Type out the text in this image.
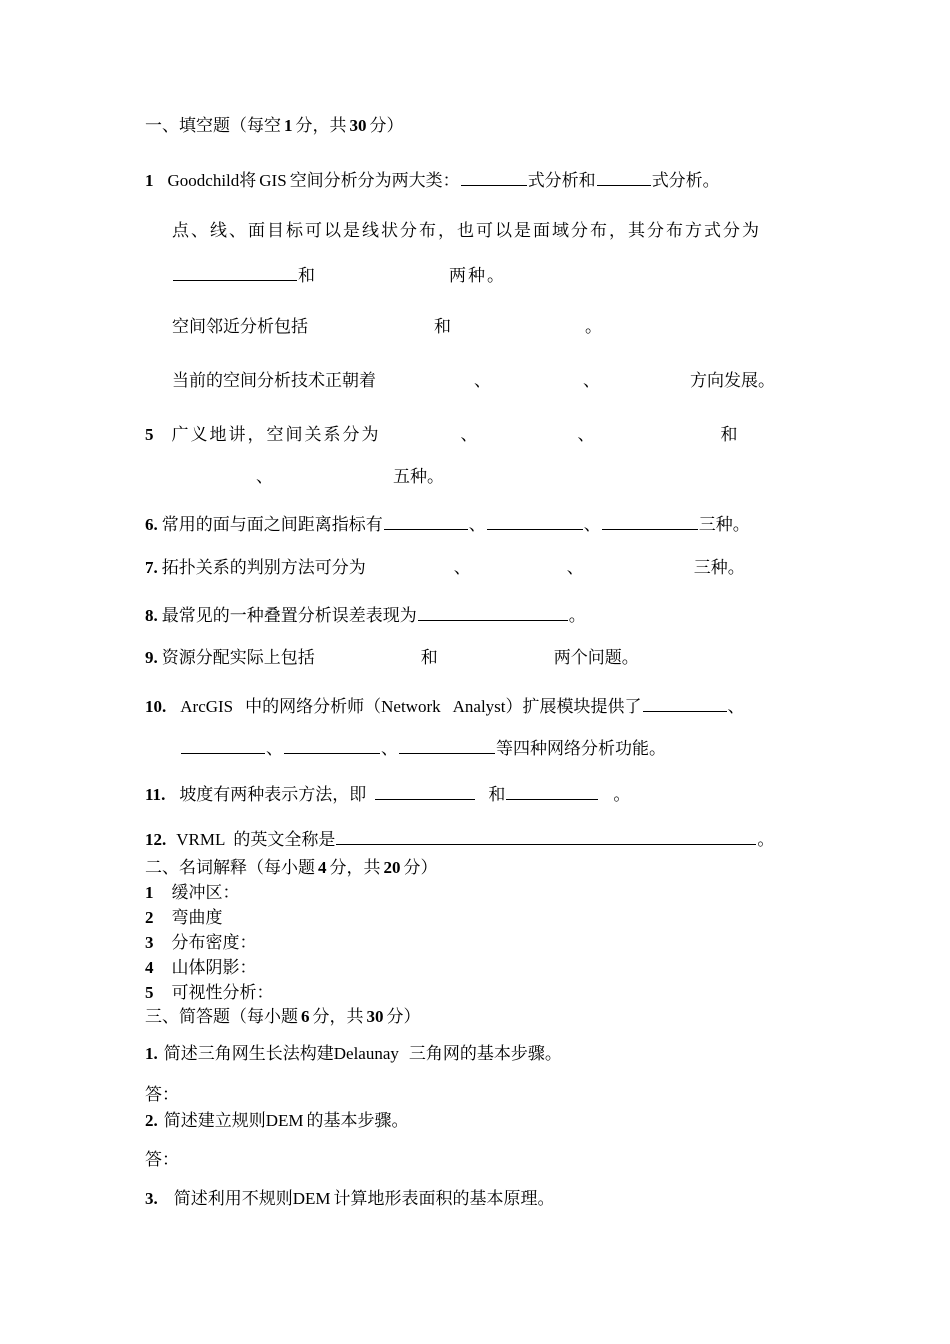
一、填空题（每空 1 分，共 30 分）
1 Goodchild将 GIS 空间分析分为两大类：	式分析和	式分析。
点、线、面目标可以是线状分布，也可以是面域分布，其分布方式分为
和	两种。
空间邻近分析包括	和	。
当前的空间分析技术正朝着	、	、	方向发展。
5 广义地讲，空间关系分为	、	、	和
、	五种。
6. 常用的面与面之间距离指标有	、	、	三种。
7. 拓扑关系的判别方法可分为	、	、	三种。
8. 最常见的一种叠置分析误差表现为	。
9. 资源分配实际上包括	和	两个问题。
10. ArcGIS 中的网络分析师（Network Analyst）扩展模块提供了	、
、	、	等四种网络分析功能。
11. 坡度有两种表示方法，即	和	。
12. VRML 的英文全称是	。
二、名词解释（每小题 4 分，共 20 分）
1 缓冲区：
2 弯曲度
3 分布密度：
4 山体阴影：
5 可视性分析：
三、简答题（每小题 6 分，共 30 分）
1. 简述三角网生长法构建Delaunay 三角网的基本步骤。
答：
2. 简述建立规则DEM 的基本步骤。
答：
3. 简述利用不规则DEM 计算地形表面积的基本原理。
